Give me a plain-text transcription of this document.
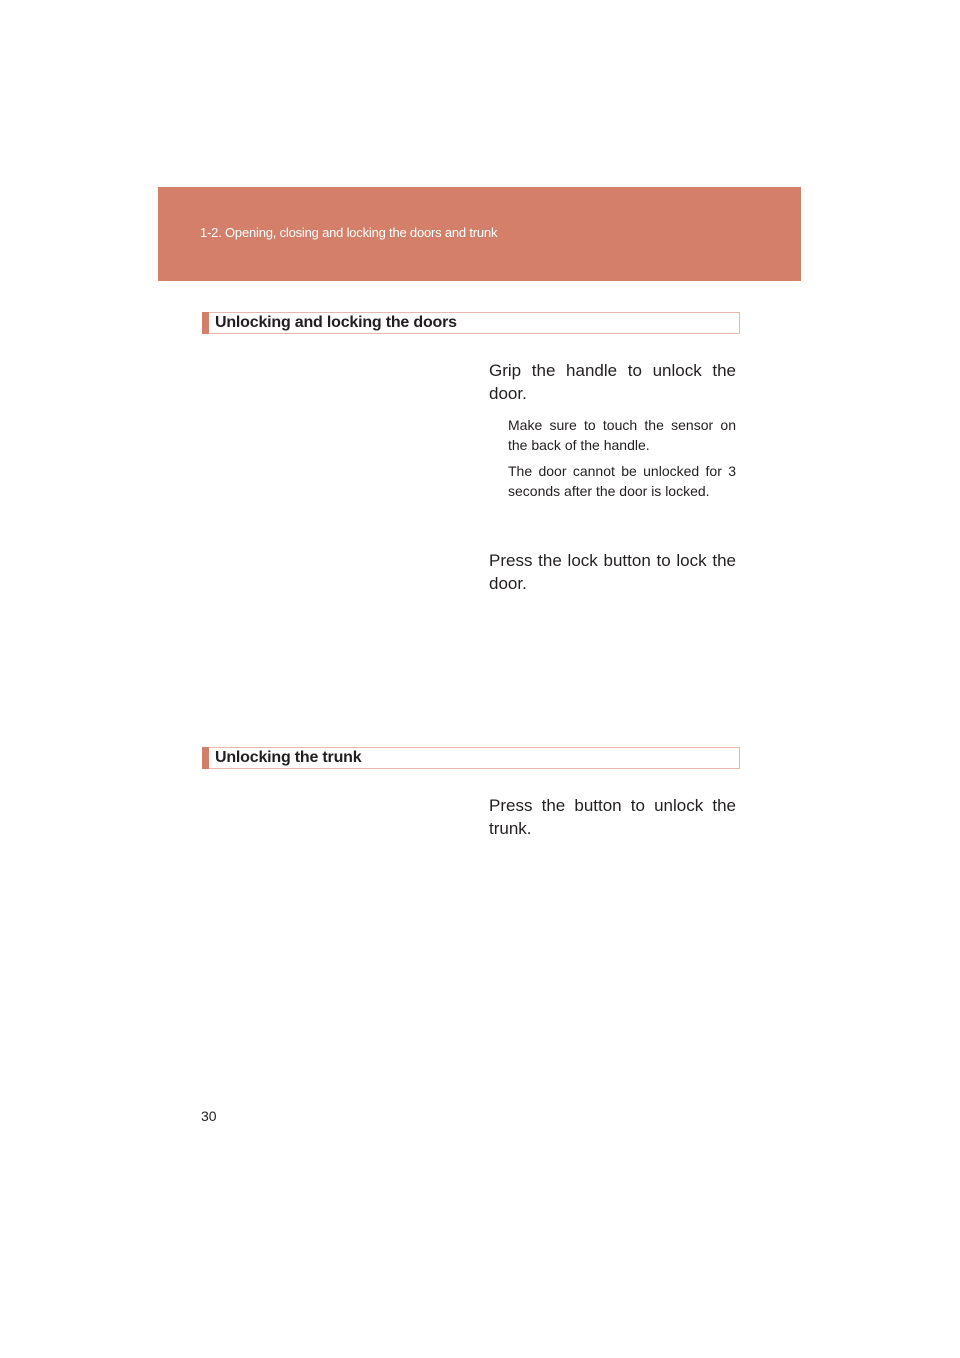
1-2. Opening, closing and locking the doors and trunk
Unlocking and locking the doors
Grip the handle to unlock the door.
Make sure to touch the sensor on the back of the handle.
The door cannot be unlocked for 3 seconds after the door is locked.
Press the lock button to lock the door.
Unlocking the trunk
Press the button to unlock the trunk.
30
